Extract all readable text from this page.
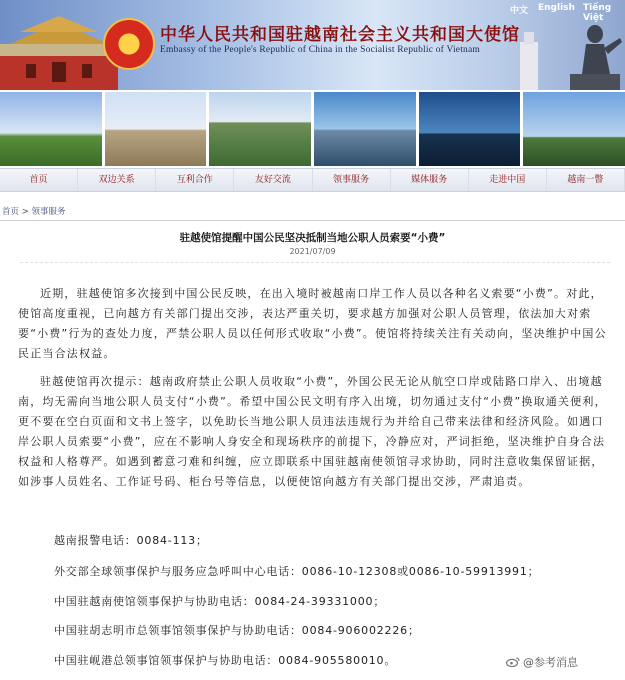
★	中华人民共和国驻越南社会主义共和国大使馆
Embassy of the People's Republic of China in the Socialist Republic of Vietnam
中文 English Tiếng Việt
首页	双边关系	互利合作	友好交流	领事服务	媒体服务	走进中国	越南一瞥
首页 > 领事服务
驻越使馆提醒中国公民坚决抵制当地公职人员索要“小费”
2021/07/09
近期，驻越使馆多次接到中国公民反映，在出入境时被越南口岸工作人员以各种名义索要“小费”。对此，使馆高度重视，已向越方有关部门提出交涉，表达严重关切，要求越方加强对公职人员管理，依法加大对索要“小费”行为的查处力度，严禁公职人员以任何形式收取“小费”。使馆将持续关注有关动向，坚决维护中国公民正当合法权益。
驻越使馆再次提示：越南政府禁止公职人员收取“小费”，外国公民无论从航空口岸或陆路口岸入、出境越南，均无需向当地公职人员支付“小费”。希望中国公民文明有序入出境，切勿通过支付“小费”换取通关便利，更不要在空白页面和文书上签字，以免助长当地公职人员违法违规行为并给自己带来法律和经济风险。如遇口岸公职人员索要“小费”，应在不影响人身安全和现场秩序的前提下，冷静应对，严词拒绝，坚决维护自身合法权益和人格尊严。如遇到蓄意刁难和纠缠，应立即联系中国驻越南使领馆寻求协助，同时注意收集保留证据，如涉事人员姓名、工作证号码、柜台号等信息，以便使馆向越方有关部门提出交涉，严肃追责。
越南报警电话：0084-113；
外交部全球领事保护与服务应急呼叫中心电话：0086-10-12308或0086-10-59913991；
中国驻越南使馆领事保护与协助电话：0084-24-39331000；
中国驻胡志明市总领事馆领事保护与协助电话：0084-906002226；
中国驻岘港总领事馆领事保护与协助电话：0084-905580010。	@参考消息
